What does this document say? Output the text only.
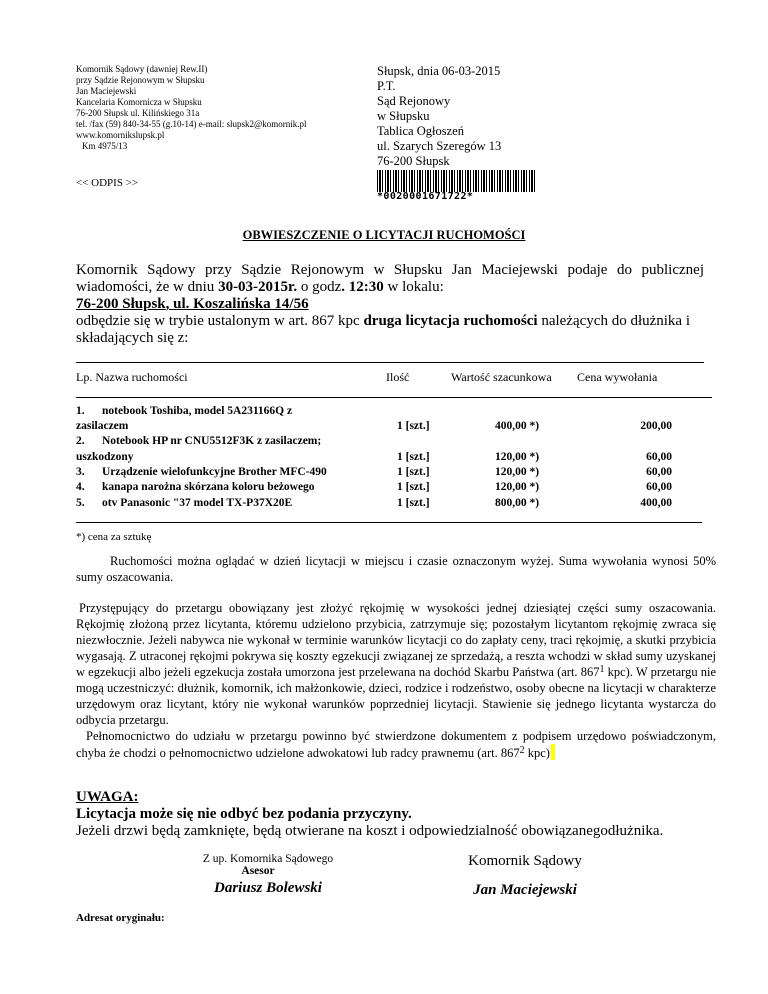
Komornik Sądowy (dawniej Rew.II)
przy Sądzie Rejonowym w Słupsku
Jan Maciejewski
Kancelaria Komornicza w Słupsku
76-200 Słupsk ul. Kilińskiego 31a
tel. /fax (59) 840-34-55 (g.10-14) e-mail: slupsk2@komornik.pl
www.komornikslupsk.pl
Km 4975/13
Słupsk, dnia 06-03-2015
P.T.
Sąd Rejonowy
w Słupsku
Tablica Ogłoszeń
ul. Szarych Szeregów 13
76-200 Słupsk
<< ODPIS >>
*0020001671722*
OBWIESZCZENIE O LICYTACJI RUCHOMOŚCI
Komornik Sądowy przy Sądzie Rejonowym w Słupsku Jan Maciejewski podaje do publicznej
wiadomości, że w dniu 30-03-2015r. o godz. 12:30 w lokalu:
76-200 Słupsk, ul. Koszalińska 14/56
odbędzie się w trybie ustalonym w art. 867 kpc druga licytacja ruchomości należących do dłużnika i
składających się z:
Lp. Nazwa ruchomości	Ilość	Wartość szacunkowa Cena wywołania
1. notebook Toshiba, model 5A231166Q z
zasilaczem	1 [szt.]	400,00 *)	200,00
2. Notebook HP nr CNU5512F3K z zasilaczem;
uszkodzony	1 [szt.]	120,00 *)	60,00
3. Urządzenie wielofunkcyjne Brother MFC-490	1 [szt.]	120,00 *)	60,00
4. kanapa narożna skórzana koloru beżowego	1 [szt.]	120,00 *)	60,00
5. otv Panasonic "37 model TX-P37X20E	1 [szt.]	800,00 *)	400,00
*) cena za sztukę
Ruchomości można oglądać w dzień licytacji w miejscu i czasie oznaczonym wyżej. Suma wywołania wynosi 50% sumy oszacowania.

Przystępujący do przetargu obowiązany jest złożyć rękojmię w wysokości jednej dziesiątej części sumy oszacowania. Rękojmię złożoną przez licytanta, któremu udzielono przybicia, zatrzymuje się; pozostałym licytantom rękojmię zwraca się niezwłocznie. Jeżeli nabywca nie wykonał w terminie warunków licytacji co do zapłaty ceny, traci rękojmię, a skutki przybicia wygasają. Z utraconej rękojmi pokrywa się koszty egzekucji związanej ze sprzedażą, a reszta wchodzi w skład sumy uzyskanej w egzekucji albo jeżeli egzekucja została umorzona jest przelewana na dochód Skarbu Państwa (art. $867^1$ kpc). W przetargu nie mogą uczestniczyć: dłużnik, komornik, ich małżonkowie, dzieci, rodzice i rodzeństwo, osoby obecne na licytacji w charakterze urzędowym oraz licytant, który nie wykonał warunków poprzedniej licytacji. Stawienie się jednego licytanta wystarcza do odbycia przetargu.

Pełnomocnictwo do udziału w przetargu powinno być stwierdzone dokumentem z podpisem urzędowo poświadczonym, chyba że chodzi o pełnomocnictwo udzielone adwokatowi lub radcy prawnemu (art. $867^2$ kpc)

UWAGA:
Licytacja może się nie odbyć bez podania przyczyny.
Jeżeli drzwi będą zamknięte, będą otwierane na koszt i odpowiedzialność obowiązanegodłużnika.
Z up. Komornika Sądowego
Asesor
Dariusz Bolewski
Komornik Sądowy
Jan Maciejewski
Adresat oryginału:
